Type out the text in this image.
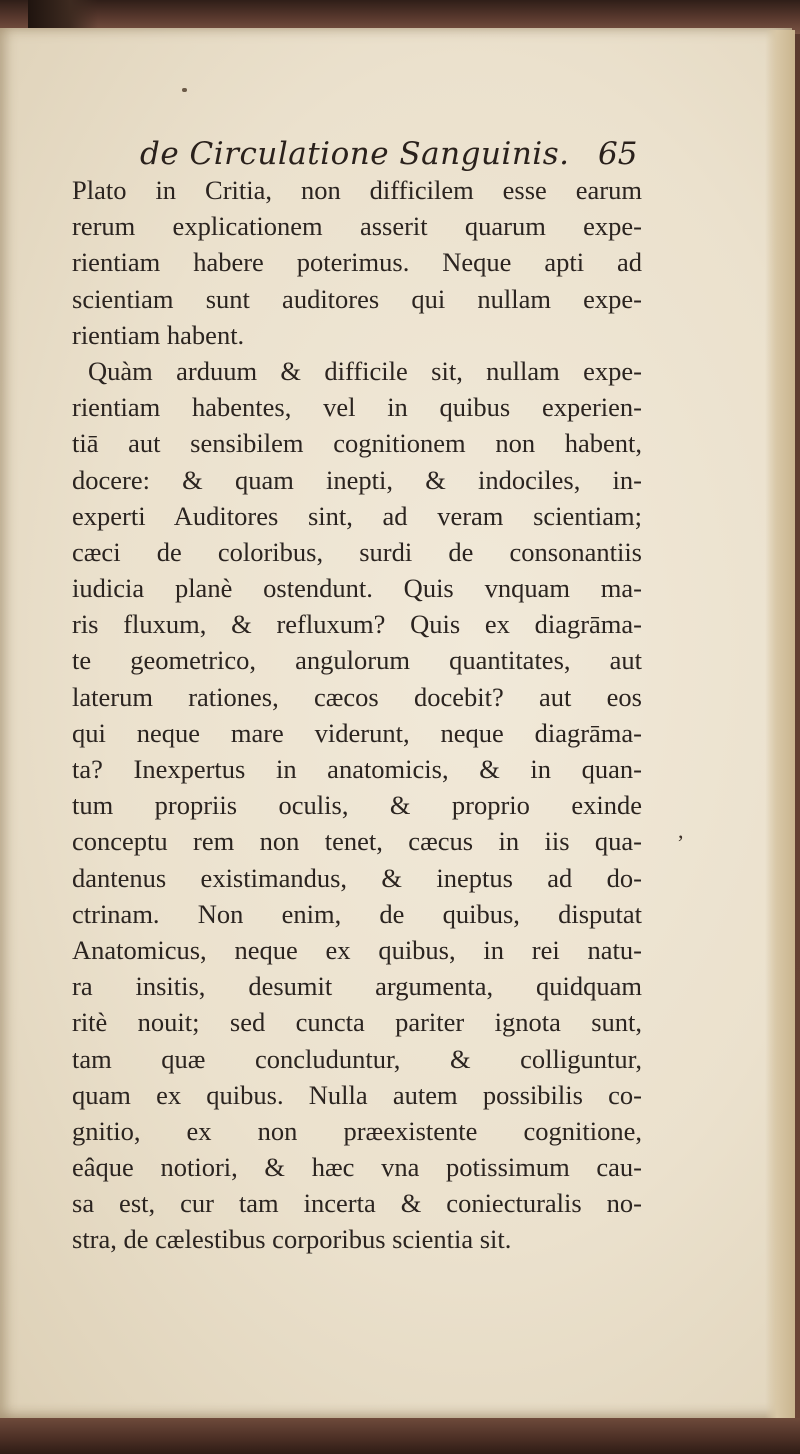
de Circulatione Sanguinis. 65
Plato in Critia, non difficilem esse earum
rerum explicationem asserit quarum expe-
rientiam habere poterimus. Neque apti ad
scientiam sunt auditores qui nullam expe-
rientiam habent.
Quàm arduum & difficile sit, nullam expe-
rientiam habentes, vel in quibus experien-
tiā aut sensibilem cognitionem non habent,
docere: & quam inepti, & indociles, in-
experti Auditores sint, ad veram scientiam;
cæci de coloribus, surdi de consonantiis
iudicia planè ostendunt. Quis vnquam ma-
ris fluxum, & refluxum? Quis ex diagrāma-
te geometrico, angulorum quantitates, aut
laterum rationes, cæcos docebit? aut eos
qui neque mare viderunt, neque diagrāma-
ta? Inexpertus in anatomicis, & in quan-
tum propriis oculis, & proprio exinde
conceptu rem non tenet, cæcus in iis qua-
dantenus existimandus, & ineptus ad do-
ctrinam. Non enim, de quibus, disputat
Anatomicus, neque ex quibus, in rei natu-
ra insitis, desumit argumenta, quidquam
ritè nouit; sed cuncta pariter ignota sunt,
tam quæ concluduntur, & colliguntur,
quam ex quibus. Nulla autem possibilis co-
gnitio, ex non præexistente cognitione,
eâque notiori, & hæc vna potissimum cau-
sa est, cur tam incerta & coniecturalis no-
stra, de cælestibus corporibus scientia sit.
,
